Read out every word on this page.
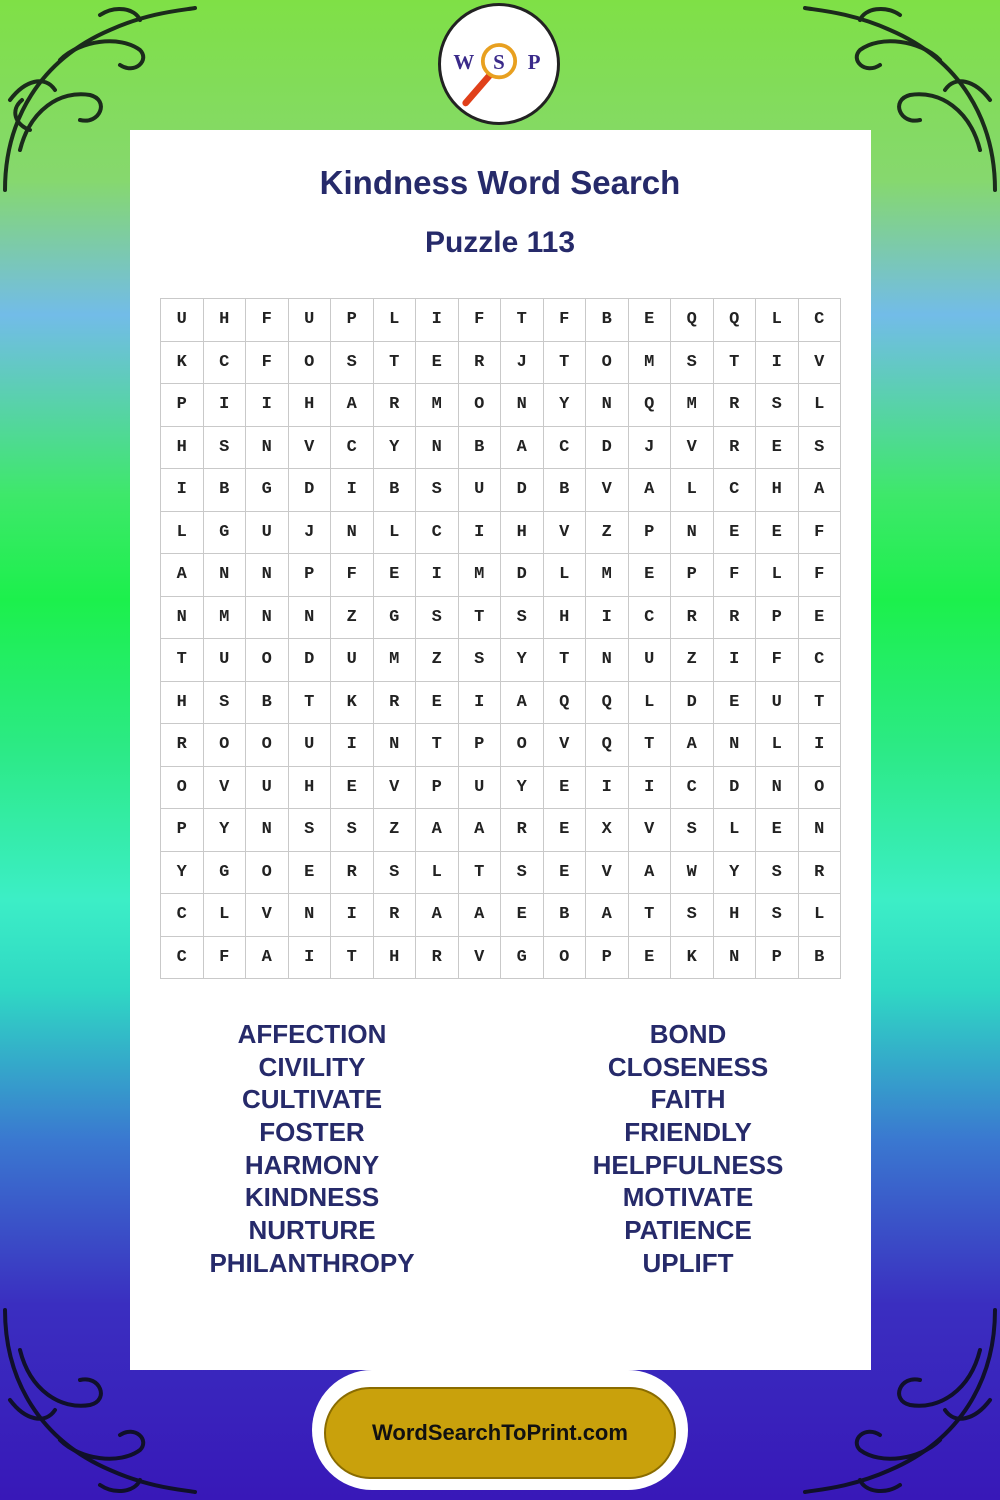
W S P
Kindness Word Search
Puzzle 113
U	H	F	U	P	L	I	F	T	F	B	E	Q	Q	L	C
K	C	F	O	S	T	E	R	J	T	O	M	S	T	I	V
P	I	I	H	A	R	M	O	N	Y	N	Q	M	R	S	L
H	S	N	V	C	Y	N	B	A	C	D	J	V	R	E	S
I	B	G	D	I	B	S	U	D	B	V	A	L	C	H	A
L	G	U	J	N	L	C	I	H	V	Z	P	N	E	E	F
A	N	N	P	F	E	I	M	D	L	M	E	P	F	L	F
N	M	N	N	Z	G	S	T	S	H	I	C	R	R	P	E
T	U	O	D	U	M	Z	S	Y	T	N	U	Z	I	F	C
H	S	B	T	K	R	E	I	A	Q	Q	L	D	E	U	T
R	O	O	U	I	N	T	P	O	V	Q	T	A	N	L	I
O	V	U	H	E	V	P	U	Y	E	I	I	C	D	N	O
P	Y	N	S	S	Z	A	A	R	E	X	V	S	L	E	N
Y	G	O	E	R	S	L	T	S	E	V	A	W	Y	S	R
C	L	V	N	I	R	A	A	E	B	A	T	S	H	S	L
C	F	A	I	T	H	R	V	G	O	P	E	K	N	P	B
AFFECTION
CIVILITY
CULTIVATE
FOSTER
HARMONY
KINDNESS
NURTURE
PHILANTHROPY
BOND
CLOSENESS
FAITH
FRIENDLY
HELPFULNESS
MOTIVATE
PATIENCE
UPLIFT
WordSearchToPrint.com
